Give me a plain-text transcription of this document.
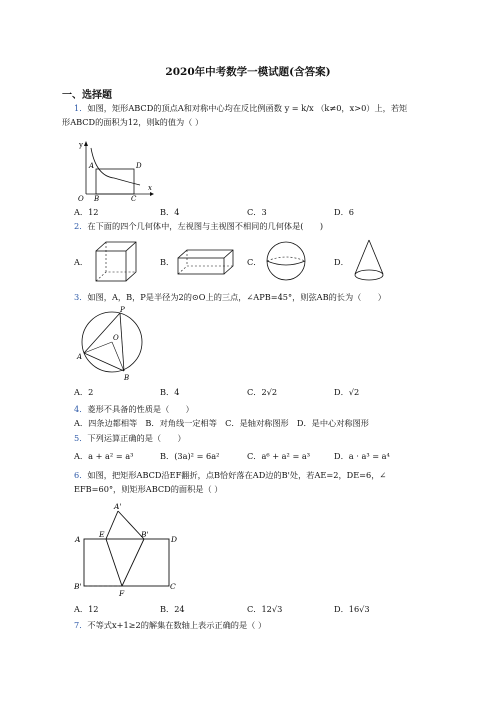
2020年中考数学一模试题(含答案)
一、选择题
1．如图，矩形ABCD的顶点A和对称中心均在反比例函数 y = k/x （k≠0，x>0）上，若矩
形ABCD的面积为12，则k的值为（ ）
y
A	D
O B	C
x
A．12	B．4	C．3	D．6
2．在下面的四个几何体中，左视图与主视图不相同的几何体是(　　)
A．	B．	C．	D．
3．如图，A，B，P是半径为2的⊙O上的三点，∠APB=45°，则弦AB的长为（　　）
P
O
A
B
A．2	B．4	C．2√2	D．√2
4．菱形不具备的性质是（　　）
A．四条边都相等　B．对角线一定相等　C．是轴对称图形　D．是中心对称图形
5．下列运算正确的是（　　）
A．a + a² = a³	B．(3a)² = 6a²	C．a⁶ + a² = a³	D．a · a³ = a⁴
6．如图，把矩形ABCD沿EF翻折，点B恰好落在AD边的B'处，若AE=2，DE=6，∠
EFB=60°，则矩形ABCD的面积是（ ）
A'
A
E	B'
D
B'
F
C
A．12	B．24	C．12√3	D．16√3
7．不等式x+1≥2的解集在数轴上表示正确的是（ ）
